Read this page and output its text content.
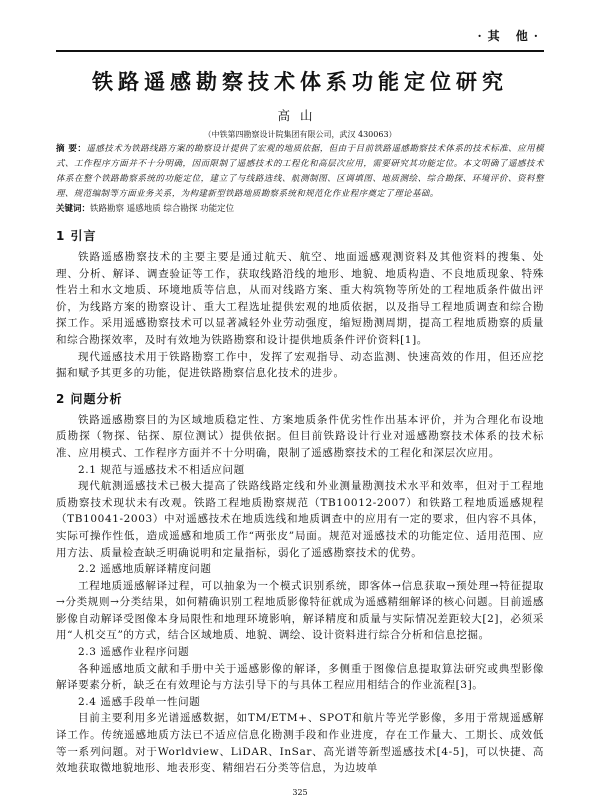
·其 他·
铁路遥感勘察技术体系功能定位研究
高山
（中铁第四勘察设计院集团有限公司，武汉 430063）
摘 要：遥感技术为铁路线路方案的勘察设计提供了宏观的地质依据，但由于目前铁路遥感勘察技术体系的技术标准、应用模式、工作程序方面并不十分明确，因而限制了遥感技术的工程化和高层次应用，需要研究其功能定位。本文明确了遥感技术体系在整个铁路勘察系统的功能定位，建立了与线路选线、航测制图、区调填图、地质测绘、综合勘探、环境评价、资料整理、规范编制等方面业务关系，为构建新型铁路地质勘察系统和规范化作业程序奠定了理论基础。
关键词：铁路勘察 遥感地质 综合勘探 功能定位
1 引言

铁路遥感勘察技术的主要主要是通过航天、航空、地面遥感观测资料及其他资料的搜集、处理、分析、解译、调查验证等工作，获取线路沿线的地形、地貌、地质构造、不良地质现象、特殊性岩土和水文地质、环境地质等信息，从而对线路方案、重大构筑物等所处的工程地质条件做出评价，为线路方案的勘察设计、重大工程选址提供宏观的地质依据，以及指导工程地质调查和综合勘探工作。采用遥感勘察技术可以显著减轻外业劳动强度，缩短勘测周期，提高工程地质勘察的质量和综合勘探效率，及时有效地为铁路勘察和设计提供地质条件评价资料[1]。

现代遥感技术用于铁路勘察工作中，发挥了宏观指导、动态监测、快速高效的作用，但还应挖掘和赋予其更多的功能，促进铁路勘察信息化技术的进步。

2 问题分析

铁路遥感勘察目的为区域地质稳定性、方案地质条件优劣性作出基本评价，并为合理化布设地质勘探（物探、钻探、原位测试）提供依据。但目前铁路设计行业对遥感勘察技术体系的技术标准、应用模式、工作程序方面并不十分明确，限制了遥感勘察技术的工程化和深层次应用。

2.1 规范与遥感技术不相适应问题

现代航测遥感技术已极大提高了铁路线路定线和外业测量勘测技术水平和效率，但对于工程地质勘察技术现状未有改观。铁路工程地质勘察规范（TB10012-2007）和铁路工程地质遥感规程（TB10041-2003）中对遥感技术在地质选线和地质调查中的应用有一定的要求，但内容不具体，实际可操作性低，造成遥感和地质工作“两张皮”局面。规范对遥感技术的功能定位、适用范围、应用方法、质量检查缺乏明确说明和定量指标，弱化了遥感勘察技术的优势。

2.2 遥感地质解译精度问题

工程地质遥感解译过程，可以抽象为一个模式识别系统，即客体→信息获取→预处理→特征提取→分类规则→分类结果，如何精确识别工程地质影像特征就成为遥感精细解译的核心问题。目前遥感影像自动解译受图像本身局限性和地理环境影响，解译精度和质量与实际情况差距较大[2]，必须采用“人机交互”的方式，结合区域地质、地貌、调绘、设计资料进行综合分析和信息挖掘。

2.3 遥感作业程序问题

各种遥感地质文献和手册中关于遥感影像的解译，多侧重于图像信息提取算法研究或典型影像解译要素分析，缺乏在有效理论与方法引导下的与具体工程应用相结合的作业流程[3]。

2.4 遥感手段单一性问题

目前主要利用多光谱遥感数据，如TM/ETM+、SPOT和航片等光学影像，多用于常规遥感解译工作。传统遥感地质方法已不适应信息化勘测手段和作业进度，存在工作量大、工期长、成效低等一系列问题。对于Worldview、LiDAR、InSar、高光谱等新型遥感技术[4-5]，可以快捷、高效地获取微地貌地形、地表形变、精细岩石分类等信息，为边坡单

325
